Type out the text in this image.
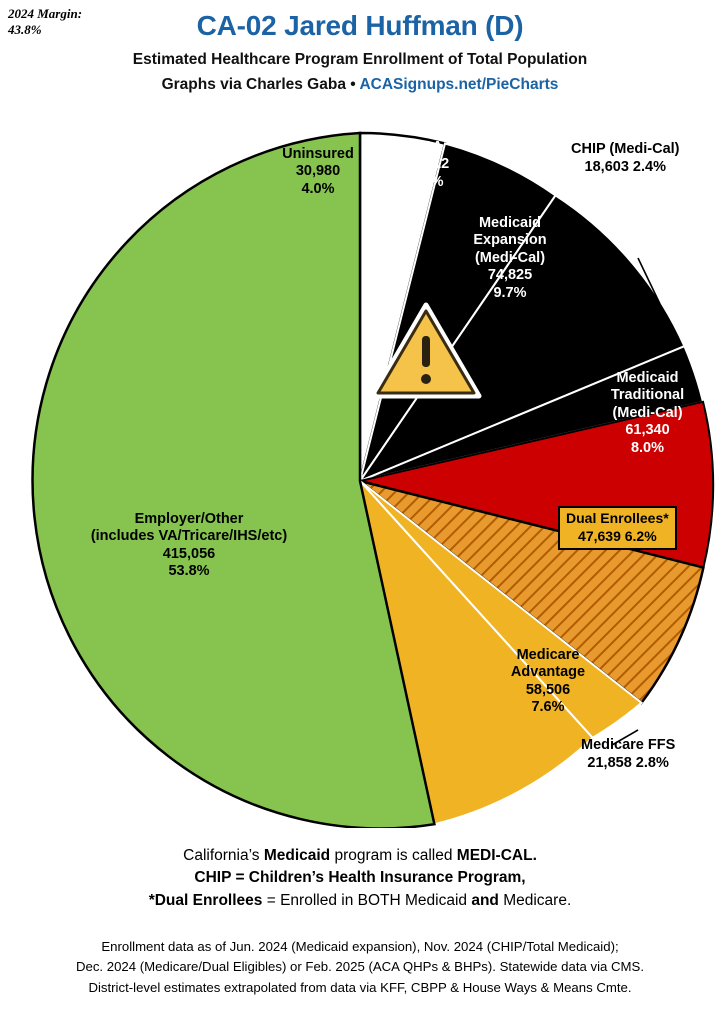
2024 Margin:
43.8%	CA-02 Jared Huffman (D)
Estimated Healthcare Program Enrollment of Total Population
Graphs via Charles Gaba • ACASignups.net/PieCharts
Uninsured
30,980
4.0%
ACA
42,612
5.5%
Medicaid
Expansion
(Medi-Cal)
74,825
9.7%
CHIP (Medi-Cal)
18,603 2.4%
Medicaid
Traditional
(Medi-Cal)
61,340
8.0%
Dual Enrollees*
47,639 6.2%
Medicare FFS
21,858 2.8%
Medicare
Advantage
58,506
7.6%
Employer/Other
(includes VA/Tricare/IHS/etc)
415,056
53.8%
California’s Medicaid program is called MEDI-CAL.
CHIP = Children’s Health Insurance Program,
*Dual Enrollees = Enrolled in BOTH Medicaid and Medicare.
Enrollment data as of Jun. 2024 (Medicaid expansion), Nov. 2024 (CHIP/Total Medicaid);
Dec. 2024 (Medicare/Dual Eligibles) or Feb. 2025 (ACA QHPs & BHPs). Statewide data via CMS.
District-level estimates extrapolated from data via KFF, CBPP & House Ways & Means Cmte.
